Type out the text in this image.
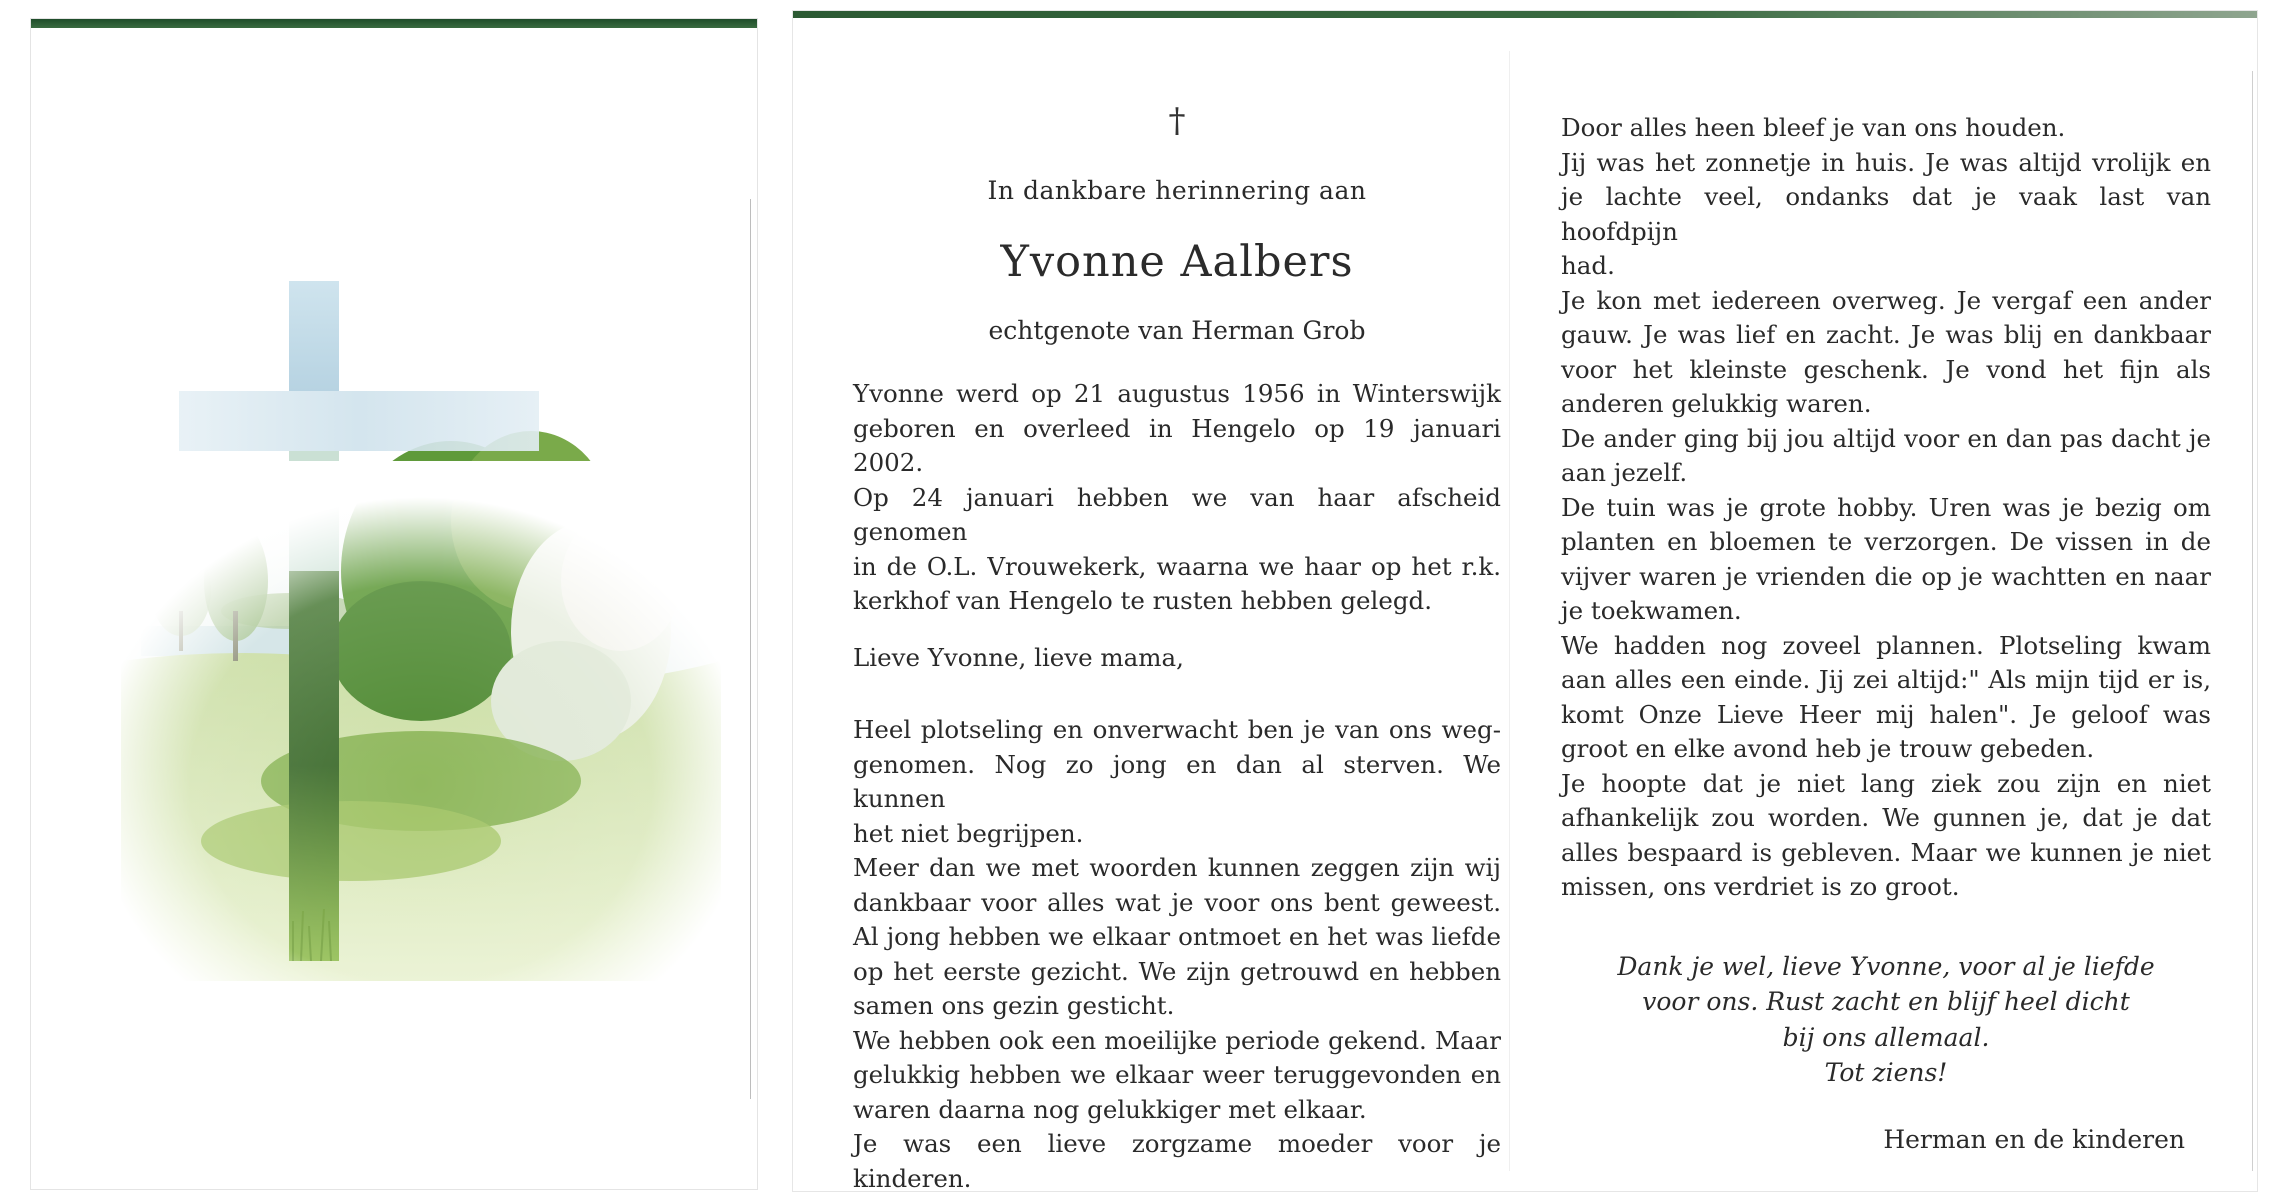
†
In dankbare herinnering aan
Yvonne Aalbers
echtgenote van Herman Grob

Yvonne werd op 21 augustus 1956 in Winterswijk

geboren en overleed in Hengelo op 19 januari 2002.

Op 24 januari hebben we van haar afscheid genomen

in de O.L. Vrouwekerk, waarna we haar op het r.k.

kerkhof van Hengelo te rusten hebben gelegd.

Lieve Yvonne, lieve mama,

Heel plotseling en onverwacht ben je van ons weg-

genomen. Nog zo jong en dan al sterven. We kunnen

het niet begrijpen.

Meer dan we met woorden kunnen zeggen zijn wij

dankbaar voor alles wat je voor ons bent geweest.

Al jong hebben we elkaar ontmoet en het was liefde

op het eerste gezicht. We zijn getrouwd en hebben

samen ons gezin gesticht.

We hebben ook een moeilijke periode gekend. Maar

gelukkig hebben we elkaar weer teruggevonden en

waren daarna nog gelukkiger met elkaar.

Je was een lieve zorgzame moeder voor je kinderen.

Door alles heen bleef je van ons houden.

Jij was het zonnetje in huis. Je was altijd vrolijk en

je lachte veel, ondanks dat je vaak last van hoofdpijn

had.

Je kon met iedereen overweg. Je vergaf een ander

gauw. Je was lief en zacht. Je was blij en dankbaar

voor het kleinste geschenk. Je vond het fijn als

anderen gelukkig waren.

De ander ging bij jou altijd voor en dan pas dacht je

aan jezelf.

De tuin was je grote hobby. Uren was je bezig om

planten en bloemen te verzorgen. De vissen in de

vijver waren je vrienden die op je wachtten en naar

je toekwamen.

We hadden nog zoveel plannen. Plotseling kwam

aan alles een einde. Jij zei altijd:" Als mijn tijd er is,

komt Onze Lieve Heer mij halen". Je geloof was

groot en elke avond heb je trouw gebeden.

Je hoopte dat je niet lang ziek zou zijn en niet

afhankelijk zou worden. We gunnen je, dat je dat

alles bespaard is gebleven. Maar we kunnen je niet

missen, ons verdriet is zo groot.

Dank je wel, lieve Yvonne, voor al je liefde
voor ons. Rust zacht en blijf heel dicht
bij ons allemaal.
Tot ziens!
Herman en de kinderen
